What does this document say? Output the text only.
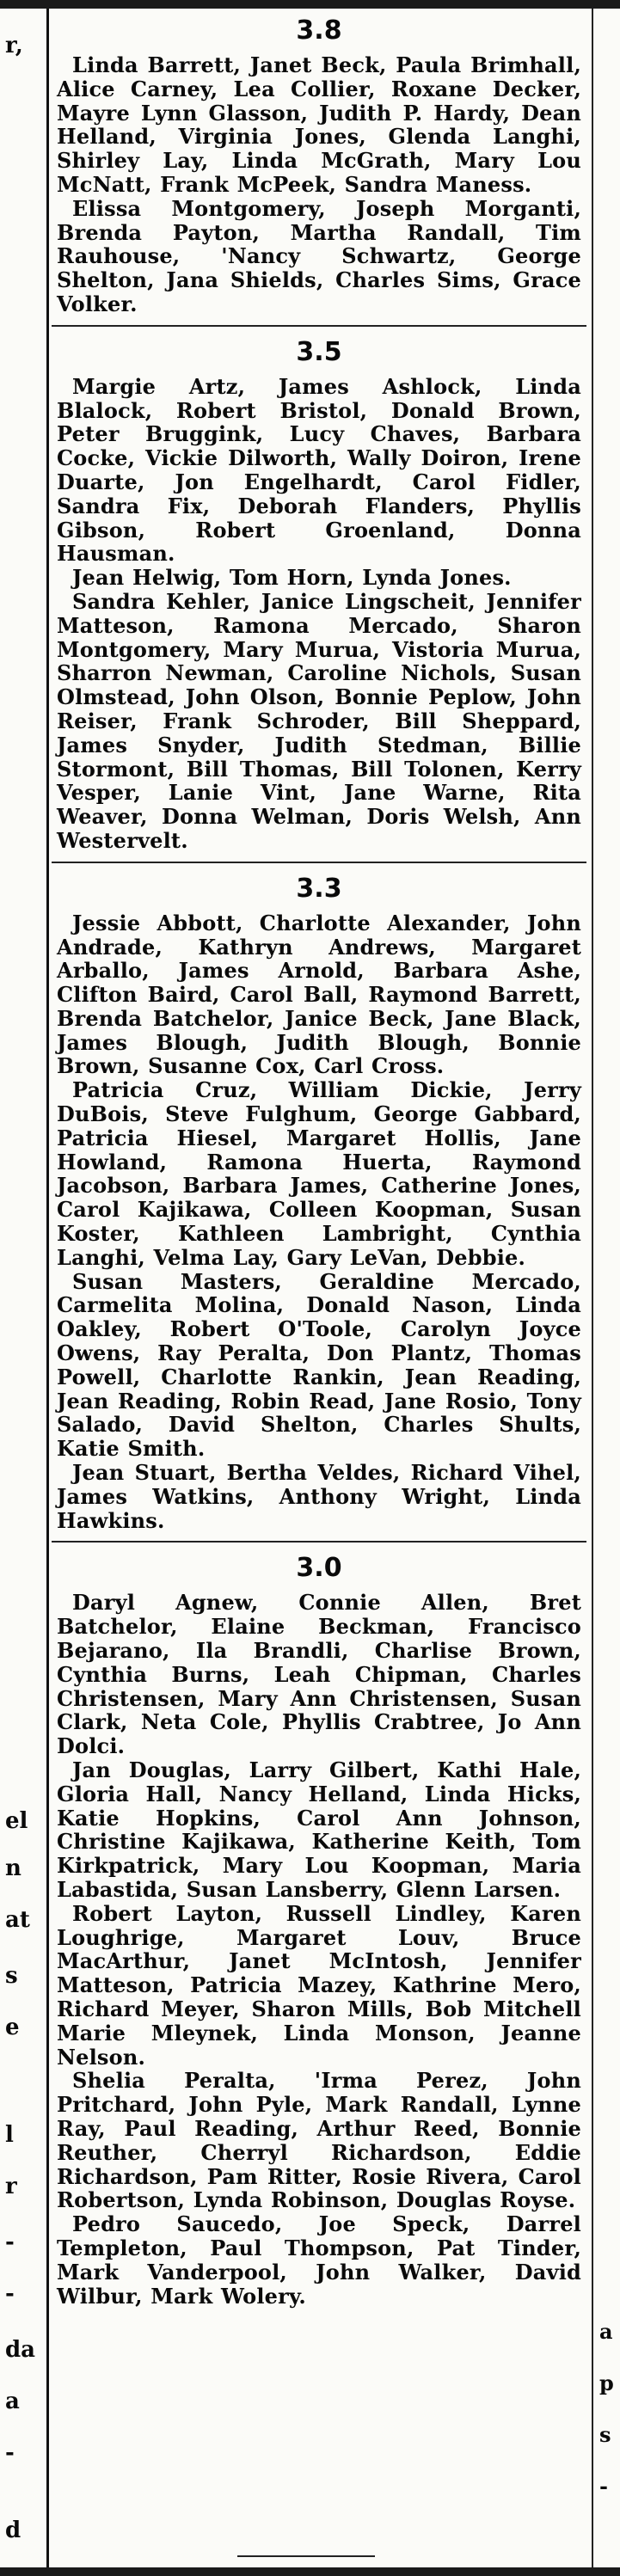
r,
el
n
at
s
e
l
r
-
-
da
a
-
d
a
p
s
-
3.8

Linda Barrett, Janet Beck, Paula Brimhall, Alice Carney, Lea Collier, Roxane Decker, Mayre Lynn Glasson, Judith P. Hardy, Dean Helland, Virginia Jones, Glenda Langhi, Shirley Lay, Linda McGrath, Mary Lou McNatt, Frank McPeek, Sandra Maness.

Elissa Montgomery, Joseph Morganti, Brenda Payton, Martha Randall, Tim Rauhouse, 'Nancy Schwartz, George Shelton, Jana Shields, Charles Sims, Grace Volker.

3.5

Margie Artz, James Ashlock, Linda Blalock, Robert Bristol, Donald Brown, Peter Bruggink, Lucy Chaves, Barbara Cocke, Vickie Dilworth, Wally Doiron, Irene Duarte, Jon Engelhardt, Carol Fidler, Sandra Fix, Deborah Flanders, Phyllis Gibson, Robert Groenland, Donna Hausman.

Jean Helwig, Tom Horn, Lynda Jones.

Sandra Kehler, Janice Lingscheit, Jennifer Matteson, Ramona Mercado, Sharon Montgomery, Mary Murua, Vistoria Murua, Sharron Newman, Caroline Nichols, Susan Olmstead, John Olson, Bonnie Peplow, John Reiser, Frank Schroder, Bill Sheppard, James Snyder, Judith Stedman, Billie Stormont, Bill Thomas, Bill Tolonen, Kerry Vesper, Lanie Vint, Jane Warne, Rita Weaver, Donna Welman, Doris Welsh, Ann Westervelt.

3.3

Jessie Abbott, Charlotte Alexander, John Andrade, Kathryn Andrews, Margaret Arballo, James Arnold, Barbara Ashe, Clifton Baird, Carol Ball, Raymond Barrett, Brenda Batchelor, Janice Beck, Jane Black, James Blough, Judith Blough, Bonnie Brown, Susanne Cox, Carl Cross.

Patricia Cruz, William Dickie, Jerry DuBois, Steve Fulghum, George Gabbard, Patricia Hiesel, Margaret Hollis, Jane Howland, Ramona Huerta, Raymond Jacobson, Barbara James, Catherine Jones, Carol Kajikawa, Colleen Koopman, Susan Koster, Kathleen Lambright, Cynthia Langhi, Velma Lay, Gary LeVan, Debbie.

Susan Masters, Geraldine Mercado, Carmelita Molina, Donald Nason, Linda Oakley, Robert O'Toole, Carolyn Joyce Owens, Ray Peralta, Don Plantz, Thomas Powell, Charlotte Rankin, Jean Reading, Jean Reading, Robin Read, Jane Rosio, Tony Salado, David Shelton, Charles Shults, Katie Smith.

Jean Stuart, Bertha Veldes, Richard Vihel, James Watkins, Anthony Wright, Linda Hawkins.

3.0

Daryl Agnew, Connie Allen, Bret Batchelor, Elaine Beckman, Francisco Bejarano, Ila Brandli, Charlise Brown, Cynthia Burns, Leah Chipman, Charles Christensen, Mary Ann Christensen, Susan Clark, Neta Cole, Phyllis Crabtree, Jo Ann Dolci.

Jan Douglas, Larry Gilbert, Kathi Hale, Gloria Hall, Nancy Helland, Linda Hicks, Katie Hopkins, Carol Ann Johnson, Christine Kajikawa, Katherine Keith, Tom Kirkpatrick, Mary Lou Koopman, Maria Labastida, Susan Lansberry, Glenn Larsen.

Robert Layton, Russell Lindley, Karen Loughrige, Margaret Louv, Bruce MacArthur, Janet McIntosh, Jennifer Matteson, Patricia Mazey, Kathrine Mero, Richard Meyer, Sharon Mills, Bob Mitchell Marie Mleynek, Linda Monson, Jeanne Nelson.

Shelia Peralta, 'Irma Perez, John Pritchard, John Pyle, Mark Randall, Lynne Ray, Paul Reading, Arthur Reed, Bonnie Reuther, Cherryl Richardson, Eddie Richardson, Pam Ritter, Rosie Rivera, Carol Robertson, Lynda Robinson, Douglas Royse.

Pedro Saucedo, Joe Speck, Darrel Templeton, Paul Thompson, Pat Tinder, Mark Vanderpool, John Walker, David Wilbur, Mark Wolery.
